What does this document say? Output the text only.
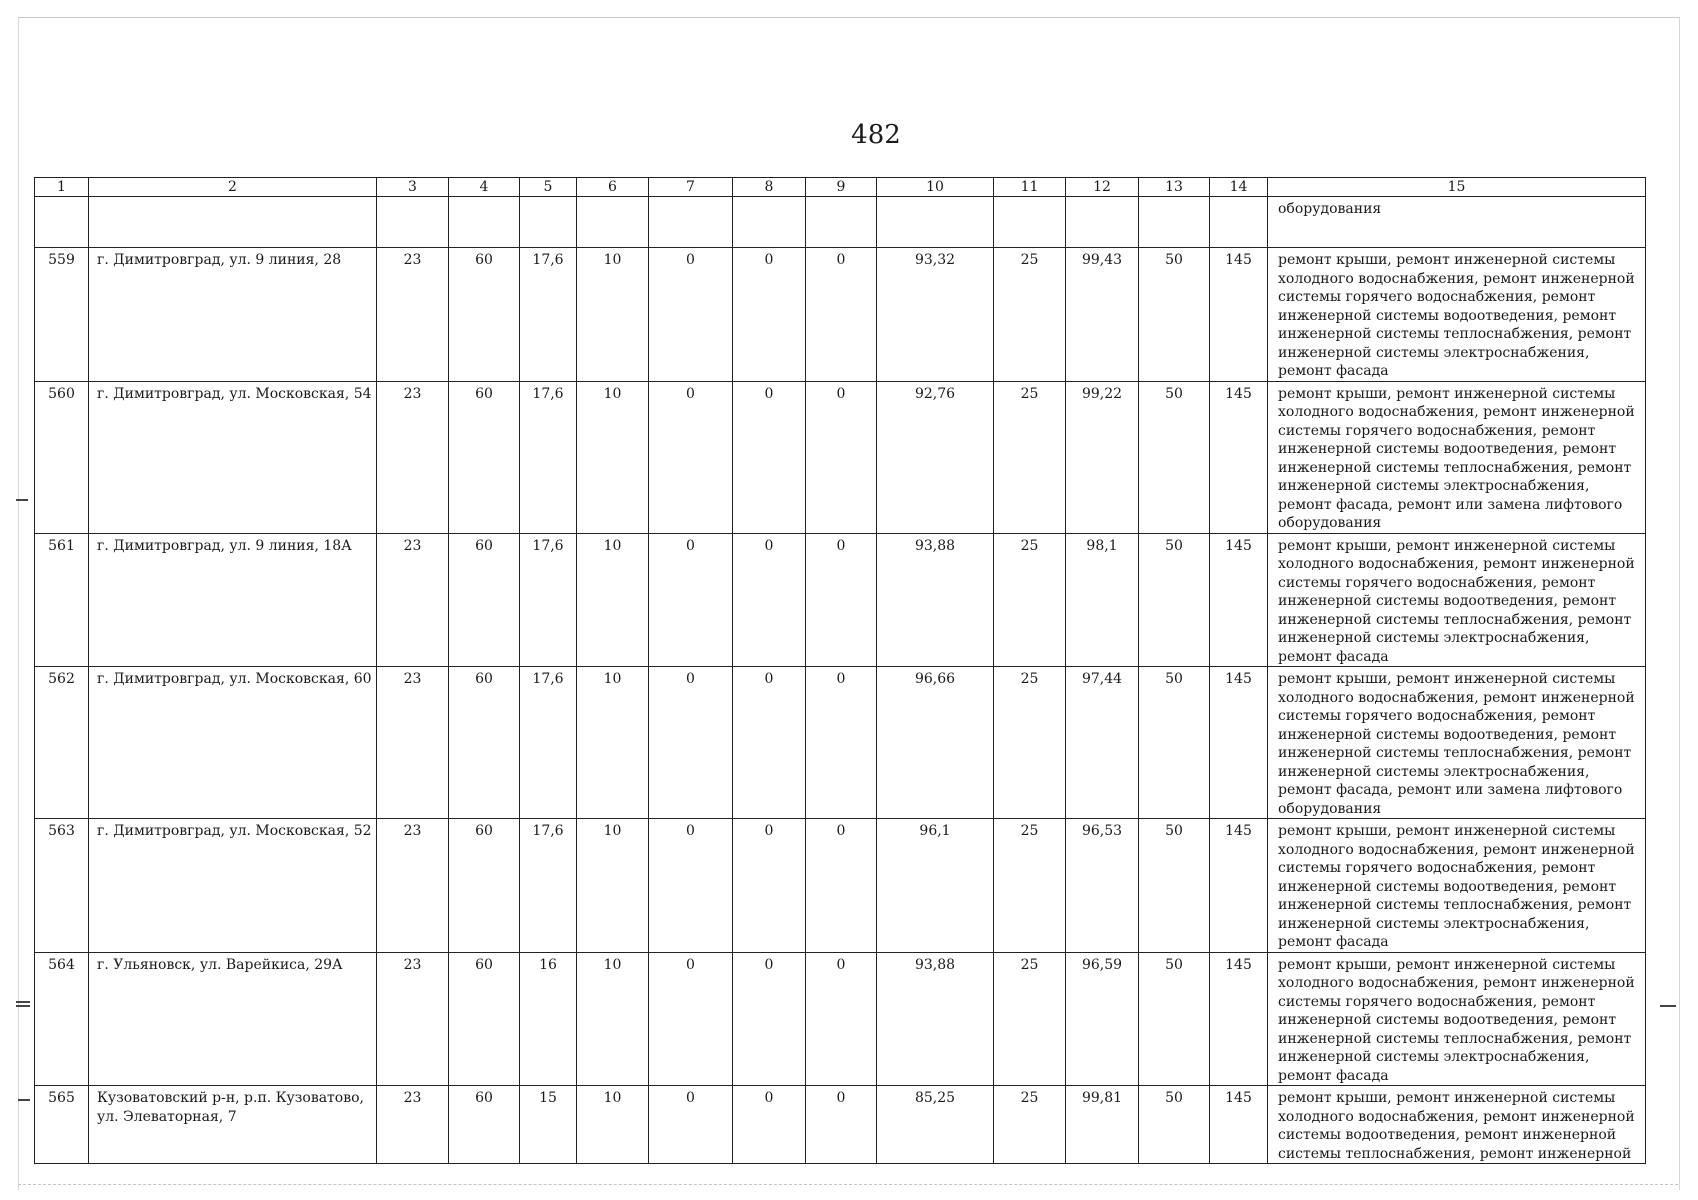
482
1	2	3	4	5	6	7	8	9	10	11	12	13	14	15

														оборудования

559	г. Димитровград, ул. 9 линия, 28	23	60	17,6	10	0	0	0	93,32	25	99,43	50	145	ремонт крыши, ремонт инженерной системы холодного водоснабжения, ремонт инженерной системы горячего водоснабжения, ремонт инженерной системы водоотведения, ремонт инженерной системы теплоснабжения, ремонт инженерной системы электроснабжения, ремонт фасада

560	г. Димитровград, ул. Московская, 54	23	60	17,6	10	0	0	0	92,76	25	99,22	50	145	ремонт крыши, ремонт инженерной системы холодного водоснабжения, ремонт инженерной системы горячего водоснабжения, ремонт инженерной системы водоотведения, ремонт инженерной системы теплоснабжения, ремонт инженерной системы электроснабжения, ремонт фасада, ремонт или замена лифтового оборудования

561	г. Димитровград, ул. 9 линия, 18А	23	60	17,6	10	0	0	0	93,88	25	98,1	50	145	ремонт крыши, ремонт инженерной системы холодного водоснабжения, ремонт инженерной системы горячего водоснабжения, ремонт инженерной системы водоотведения, ремонт инженерной системы теплоснабжения, ремонт инженерной системы электроснабжения, ремонт фасада

562	г. Димитровград, ул. Московская, 60	23	60	17,6	10	0	0	0	96,66	25	97,44	50	145	ремонт крыши, ремонт инженерной системы холодного водоснабжения, ремонт инженерной системы горячего водоснабжения, ремонт инженерной системы водоотведения, ремонт инженерной системы теплоснабжения, ремонт инженерной системы электроснабжения, ремонт фасада, ремонт или замена лифтового оборудования

563	г. Димитровград, ул. Московская, 52	23	60	17,6	10	0	0	0	96,1	25	96,53	50	145	ремонт крыши, ремонт инженерной системы холодного водоснабжения, ремонт инженерной системы горячего водоснабжения, ремонт инженерной системы водоотведения, ремонт инженерной системы теплоснабжения, ремонт инженерной системы электроснабжения, ремонт фасада

564	г. Ульяновск, ул. Варейкиса, 29А	23	60	16	10	0	0	0	93,88	25	96,59	50	145	ремонт крыши, ремонт инженерной системы холодного водоснабжения, ремонт инженерной системы горячего водоснабжения, ремонт инженерной системы водоотведения, ремонт инженерной системы теплоснабжения, ремонт инженерной системы электроснабжения, ремонт фасада

565	Кузоватовский р-н, р.п. Кузоватово, ул. Элеваторная, 7	23	60	15	10	0	0	0	85,25	25	99,81	50	145	ремонт крыши, ремонт инженерной системы холодного водоснабжения, ремонт инженерной системы водоотведения, ремонт инженерной системы теплоснабжения, ремонт инженерной
